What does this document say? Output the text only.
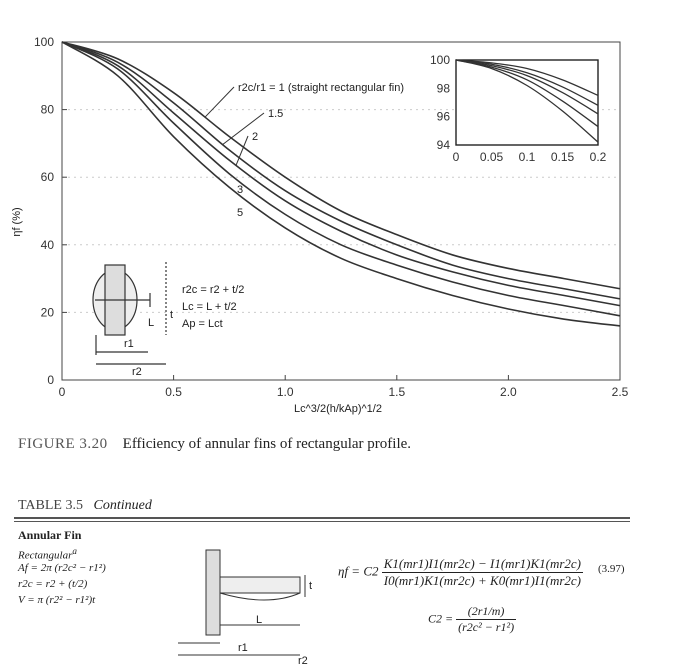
0	0.5	1.0	1.5	2.0	2.5
0
20
40
60
80
100
r2c/r1 = 1 (straight rectangular fin)
1.5
2
3
5
0 0.05 0.1 0.15 0.2
94
96
98
100
ηf (%)
Lc^3/2(h/kAp)^1/2
r2c = r2 + t/2
Lc = L + t/2
Ap = Lct
t
L
r1
r2
FIGURE 3.20 Efficiency of annular fins of rectangular profile.
TABLE 3.5 Continued
Annular Fin
Rectangular$^a$
Af = 2π (r2c² − r1²)
r2c = r2 + (t/2)
V = π (r2² − r1²)t
t
L
r1
r2
$\eta f = C2 \frac{K1(mr1)I1(mr2c) - I1(mr1)K1(mr2c)}{I0(mr1)K1(mr2c) + K0(mr1)I1(mr2c)} (3.97)$
$C2 = \frac{(2r1/m)}{\text{(r2c² − r1²)}}$
